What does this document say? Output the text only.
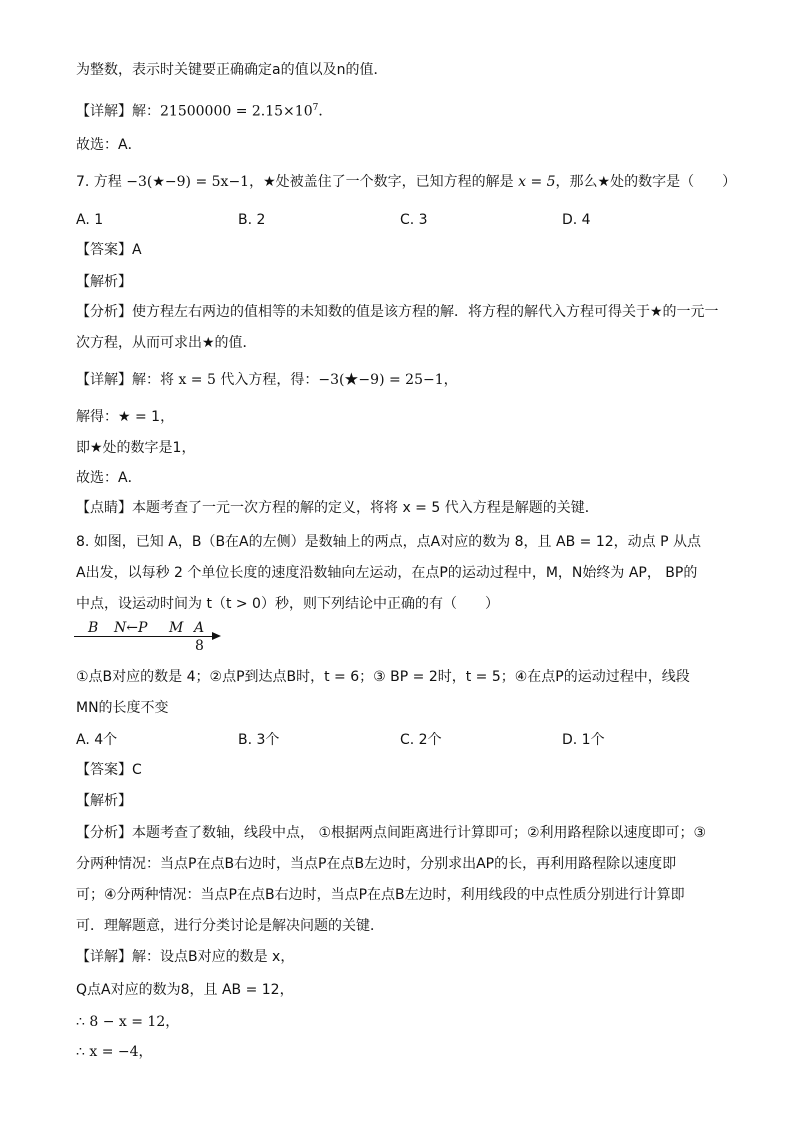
为整数，表示时关键要正确确定a的值以及n的值．
【详解】解：$21500000 = 2.15\times 10^7$．
故选：A．
7. 方程 −3(★−9) = 5x−1，★处被盖住了一个数字，已知方程的解是 x = 5，那么★处的数字是（　　）
A. 1	B. 2	C. 3	D. 4
【答案】A
【解析】
【分析】使方程左右两边的值相等的未知数的值是该方程的解．将方程的解代入方程可得关于★的一元一
次方程，从而可求出★的值．
【详解】解：将 x = 5 代入方程，得：−3(★−9) = 25−1，
解得：★ = 1，
即★处的数字是1，
故选：A．
【点睛】本题考查了一元一次方程的解的定义，将将 x = 5 代入方程是解题的关键．
8. 如图，已知 A，B（B在A的左侧）是数轴上的两点，点A对应的数为 8，且 AB = 12，动点 P 从点
A出发，以每秒 2 个单位长度的速度沿数轴向左运动，在点P的运动过程中，M，N始终为 AP， BP的
中点，设运动时间为 t（t > 0）秒，则下列结论中正确的有（　　）
B N←P M A
8
①点B对应的数是 4；②点P到达点B时，t = 6；③ BP = 2时，t = 5；④在点P的运动过程中，线段
MN的长度不变
A. 4个	B. 3个	C. 2个	D. 1个
【答案】C
【解析】
【分析】本题考查了数轴，线段中点， ①根据两点间距离进行计算即可；②利用路程除以速度即可；③
分两种情况：当点P在点B右边时，当点P在点B左边时，分别求出AP的长，再利用路程除以速度即
可；④分两种情况：当点P在点B右边时，当点P在点B左边时，利用线段的中点性质分别进行计算即
可．理解题意，进行分类讨论是解决问题的关键．
【详解】解：设点B对应的数是 x，
Q点A对应的数为8，且 AB = 12，
∴ 8 − x = 12，
∴ x = −4，
